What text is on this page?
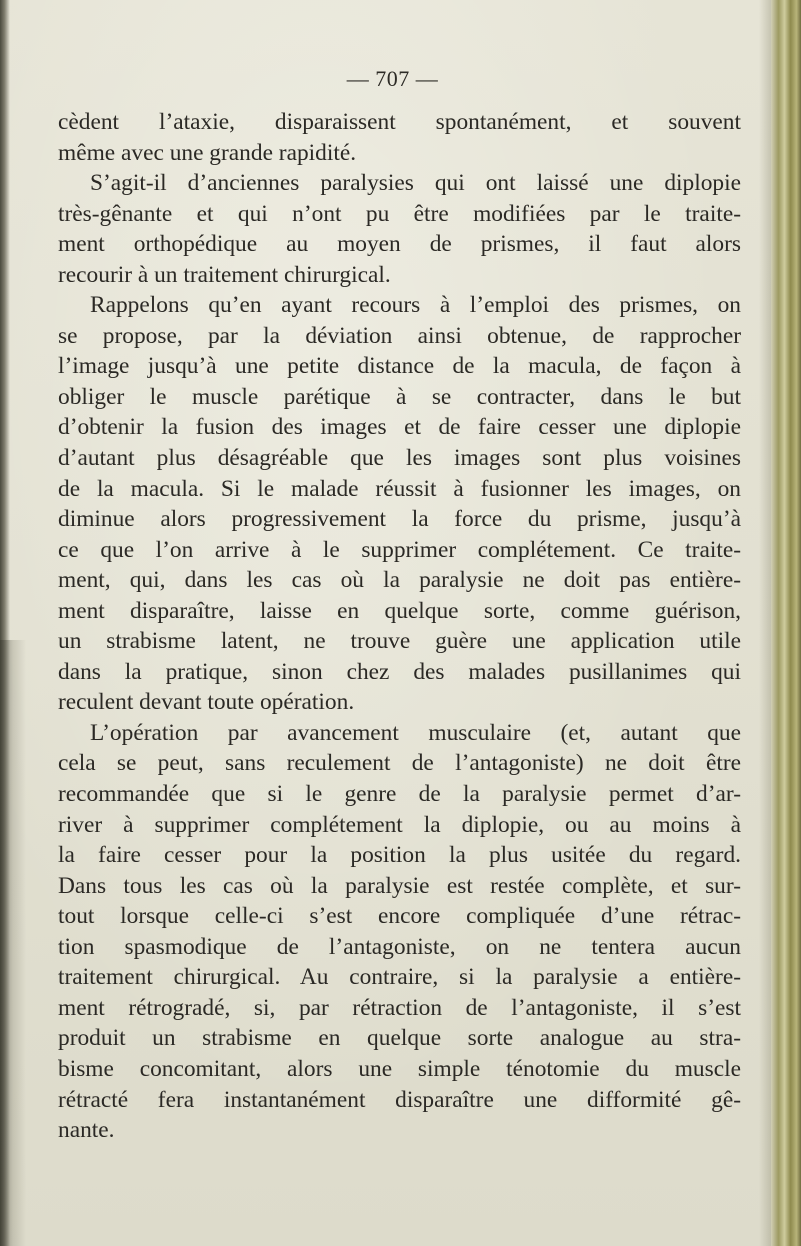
— 707 —
cèdent l’ataxie, disparaissent spontanément, et souvent
même avec une grande rapidité.
S’agit-il d’anciennes paralysies qui ont laissé une diplopie
très-gênante et qui n’ont pu être modifiées par le traite-
ment orthopédique au moyen de prismes, il faut alors
recourir à un traitement chirurgical.
Rappelons qu’en ayant recours à l’emploi des prismes, on
se propose, par la déviation ainsi obtenue, de rapprocher
l’image jusqu’à une petite distance de la macula, de façon à
obliger le muscle parétique à se contracter, dans le but
d’obtenir la fusion des images et de faire cesser une diplopie
d’autant plus désagréable que les images sont plus voisines
de la macula. Si le malade réussit à fusionner les images, on
diminue alors progressivement la force du prisme, jusqu’à
ce que l’on arrive à le supprimer complétement. Ce traite-
ment, qui, dans les cas où la paralysie ne doit pas entière-
ment disparaître, laisse en quelque sorte, comme guérison,
un strabisme latent, ne trouve guère une application utile
dans la pratique, sinon chez des malades pusillanimes qui
reculent devant toute opération.
L’opération par avancement musculaire (et, autant que
cela se peut, sans reculement de l’antagoniste) ne doit être
recommandée que si le genre de la paralysie permet d’ar-
river à supprimer complétement la diplopie, ou au moins à
la faire cesser pour la position la plus usitée du regard.
Dans tous les cas où la paralysie est restée complète, et sur-
tout lorsque celle-ci s’est encore compliquée d’une rétrac-
tion spasmodique de l’antagoniste, on ne tentera aucun
traitement chirurgical. Au contraire, si la paralysie a entière-
ment rétrogradé, si, par rétraction de l’antagoniste, il s’est
produit un strabisme en quelque sorte analogue au stra-
bisme concomitant, alors une simple ténotomie du muscle
rétracté fera instantanément disparaître une difformité gê-
nante.
